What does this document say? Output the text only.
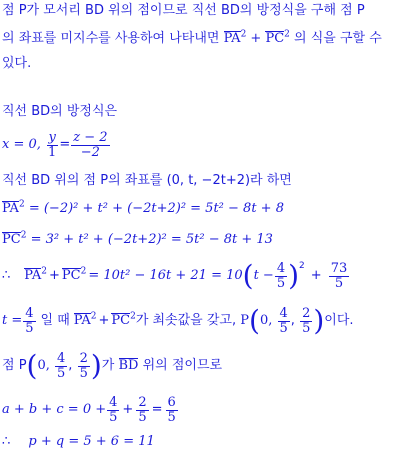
점 P가 모서리 BD 위의 점이므로 직선 BD의 방정식을 구해 점 P
의 좌표를 미지수를 사용하여 나타내면 $PA^2 + PC^2$ 의 식을 구할 수
있다.
직선 BD의 방정식은
x = 0,
$\frac{y}{1} = \frac{z - 2}{-2}$
직선 BD 위의 점 P의 좌표를 (0, t, −2t+2)라 하면
$PA^2 = (-2)^2 + t^2 + (-2t+2)^2 = 5t^2 - 8t + 8$
$PC^2 = 3^2 + t^2 + (-2t+2)^2 = 5t^2 - 8t + 13$
∴ $PA^2 + PC^2 = 10t^2 - 16t + 21 = 10$ ( $t - \frac{4}{5} )^2$
+ $\frac{73}{5}$
$t = \frac{4}{5}$ 일 때 $PA^2 + PC^2$ 가 최솟값을 갖고,
P ( 0,
$\frac{4}{5}$ ,
$\frac{2}{5}$ ) 이다.
점 P ( 0,
$\frac{4}{5}$ ,
$\frac{2}{5}$ ) 가
BD
위의 점이므로
$a + b + c = 0 + \frac{4}{5} + \frac{2}{5} = \frac{6}{5}$
∴ p + q = 5 + 6 = 11
